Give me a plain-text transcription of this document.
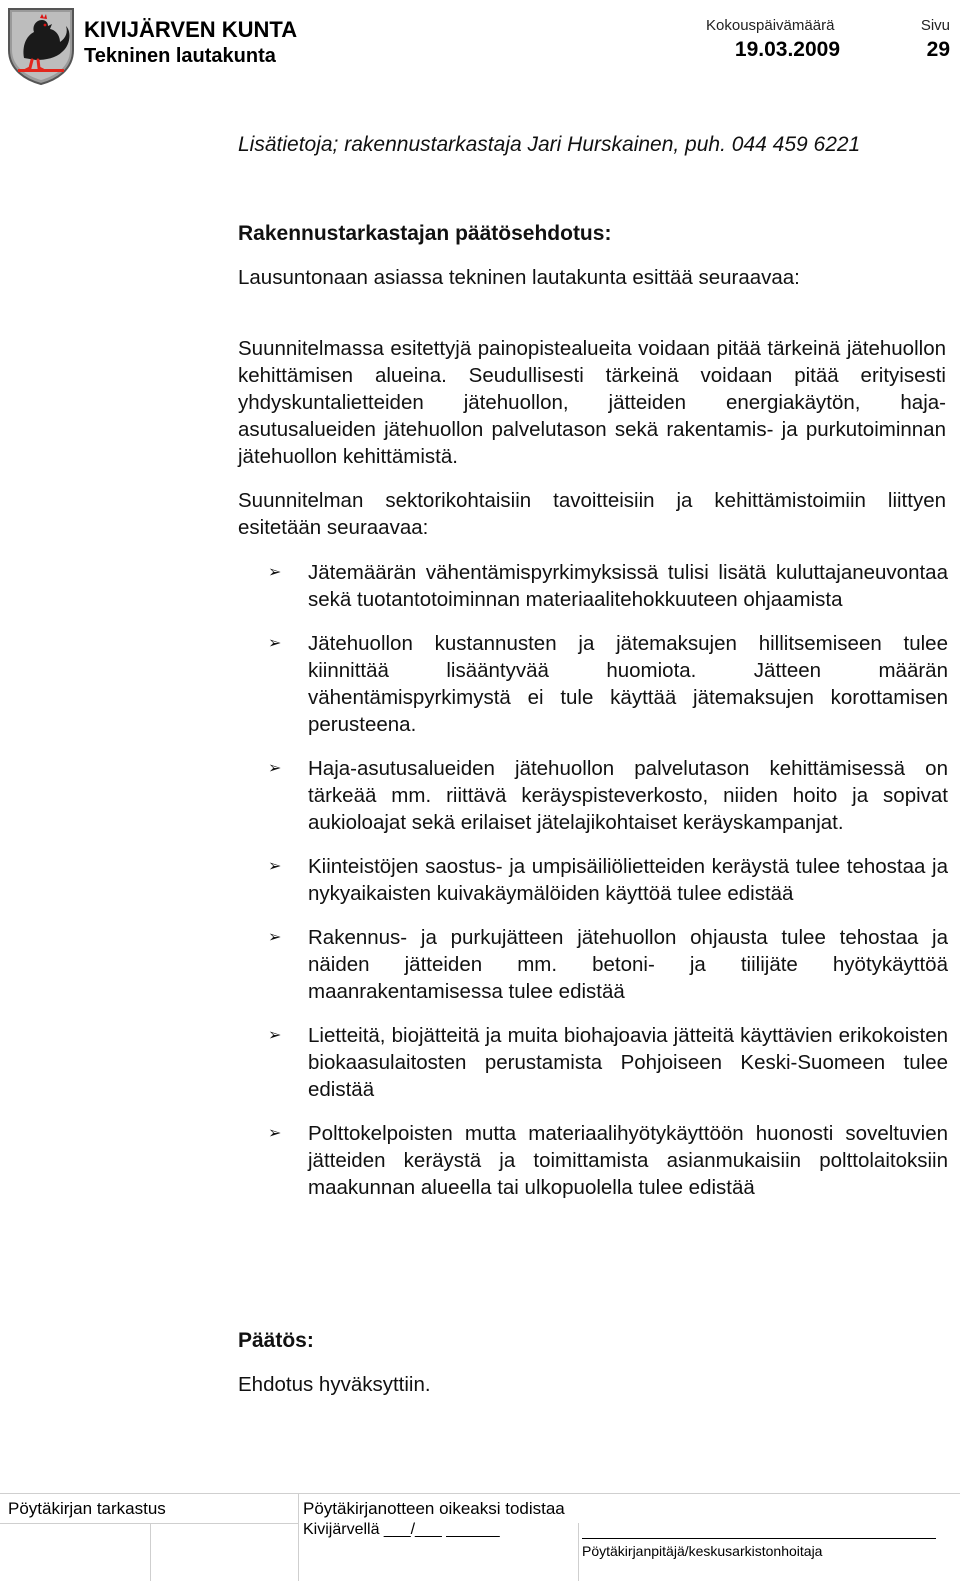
KIVIJÄRVEN KUNTA
Tekninen lautakunta
Kokouspäivämäärä
19.03.2009
Sivu
29
Lisätietoja; rakennustarkastaja Jari Hurskainen, puh. 044 459 6221
Rakennustarkastajan päätösehdotus:
Lausuntonaan asiassa tekninen lautakunta esittää seuraavaa:
Suunnitelmassa esitettyjä painopistealueita voidaan pitää tärkeinä jätehuollon kehittämisen alueina. Seudullisesti tärkeinä voidaan pitää erityisesti yhdyskuntalietteiden jätehuollon, jätteiden energiakäytön, haja-asutusalueiden jätehuollon palvelutason sekä rakentamis- ja purkutoiminnan jätehuollon kehittämistä.
Suunnitelman sektorikohtaisiin tavoitteisiin ja kehittämistoimiin liittyen esitetään seuraavaa:
➢	Jätemäärän vähentämispyrkimyksissä tulisi lisätä kuluttajaneuvontaa sekä tuotantotoiminnan materiaalitehokkuuteen ohjaamista
➢	Jätehuollon kustannusten ja jätemaksujen hillitsemiseen tulee kiinnittää lisääntyvää huomiota. Jätteen määrän vähentämispyrkimystä ei tule käyttää jätemaksujen korottamisen perusteena.
➢	Haja-asutusalueiden jätehuollon palvelutason kehittämisessä on tärkeää mm. riittävä keräyspisteverkosto, niiden hoito ja sopivat aukioloajat sekä erilaiset jätelajikohtaiset keräyskampanjat.
➢	Kiinteistöjen saostus- ja umpisäiliölietteiden keräystä tulee tehostaa ja nykyaikaisten kuivakäymälöiden käyttöä tulee edistää
➢	Rakennus- ja purkujätteen jätehuollon ohjausta tulee tehostaa ja näiden jätteiden mm. betoni- ja tiilijäte hyötykäyttöä maanrakentamisessa tulee edistää
➢	Lietteitä, biojätteitä ja muita biohajoavia jätteitä käyttävien erikokoisten biokaasulaitosten perustamista Pohjoiseen Keski-Suomeen tulee edistää
➢	Polttokelpoisten mutta materiaalihyötykäyttöön huonosti soveltuvien jätteiden keräystä ja toimittamista asianmukaisiin polttolaitoksiin maakunnan alueella tai ulkopuolella tulee edistää
Päätös:
Ehdotus hyväksyttiin.
Pöytäkirjan tarkastus	Pöytäkirjanotteen oikeaksi todistaa
Kivijärvellä ___/___ ______
Pöytäkirjanpitäjä/keskusarkistonhoitaja
